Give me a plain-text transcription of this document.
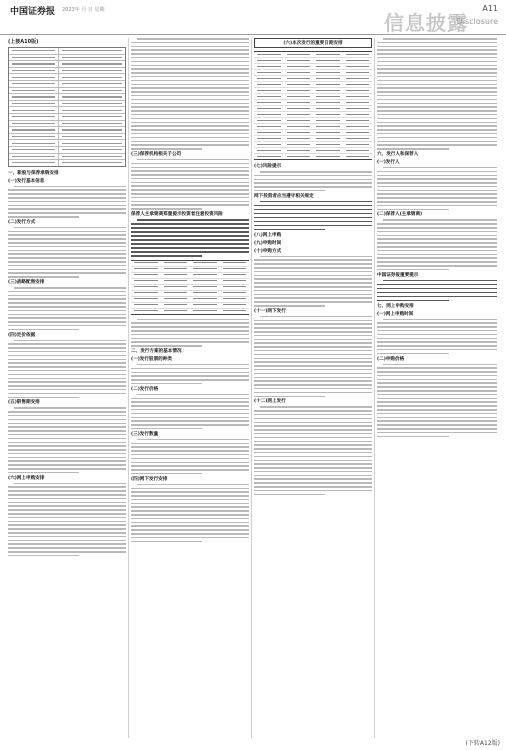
中国证券报 2023年 月 日 星期
信息披露
A11
Disclosure
(上接A10版)
一、新股与保荐承销安排
(一)发行基本信息
(二)发行方式
(三)战略配售安排
(四)定价依据
(五)限售期安排
(六)网上申购安排
(三)保荐机构相关子公司
保荐人主承销商郑重提示投资者注意投资风险
二、发行方案的基本情况
(一)发行股票的种类
(二)发行价格
(三)发行数量
(四)网下发行安排
(六)本次发行的重要日期安排
(七)风险提示
网下投资者应当遵守相关规定
(八)网上申购
(九)申购时间
(十)申购方式
(十一)网下发行
(十二)网上发行
六、发行人和保荐人
(一)发行人
(二)保荐人(主承销商)
中国证券报重要提示
七、网上申购安排
(一)网上申购时间
(二)申购价格
(下转A12版)
